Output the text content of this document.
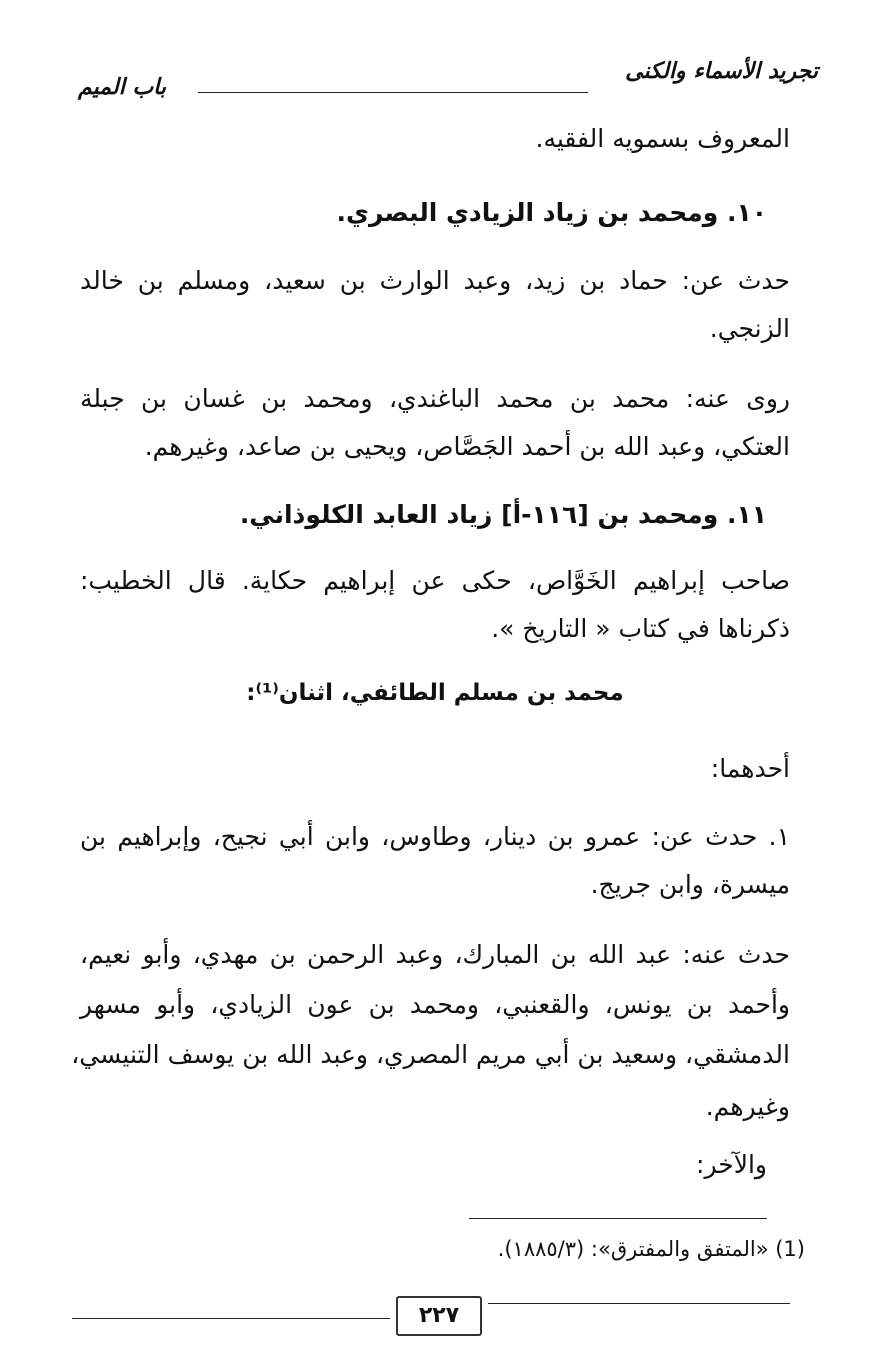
تجريد الأسماء والكنى
باب الميم
المعروف بسمويه الفقيه.
١٠. ومحمد بن زياد الزيادي البصري.
حدث عن: حماد بن زيد، وعبد الوارث بن سعيد، ومسلم بن خالد
الزنجي.
روى عنه: محمد بن محمد الباغندي، ومحمد بن غسان بن جبلة
العتكي، وعبد الله بن أحمد الجَصَّاص، ويحيى بن صاعد، وغيرهم.
١١. ومحمد بن [١١٦-أ] زياد العابد الكلوذاني.
صاحب إبراهيم الخَوَّاص، حكى عن إبراهيم حكاية. قال الخطيب:
ذكرناها في كتاب « التاريخ ».
محمد بن مسلم الطائفي، اثنان⁽¹⁾:
أحدهما:
١. حدث عن: عمرو بن دينار، وطاوس، وابن أبي نجيح، وإبراهيم بن
ميسرة، وابن جريج.
حدث عنه: عبد الله بن المبارك، وعبد الرحمن بن مهدي، وأبو نعيم،
وأحمد بن يونس، والقعنبي، ومحمد بن عون الزيادي، وأبو مسهر
الدمشقي، وسعيد بن أبي مريم المصري، وعبد الله بن يوسف التنيسي،
وغيرهم.
والآخر:
(1) «المتفق والمفترق»: (١٨٨٥/٣).
٢٢٧
